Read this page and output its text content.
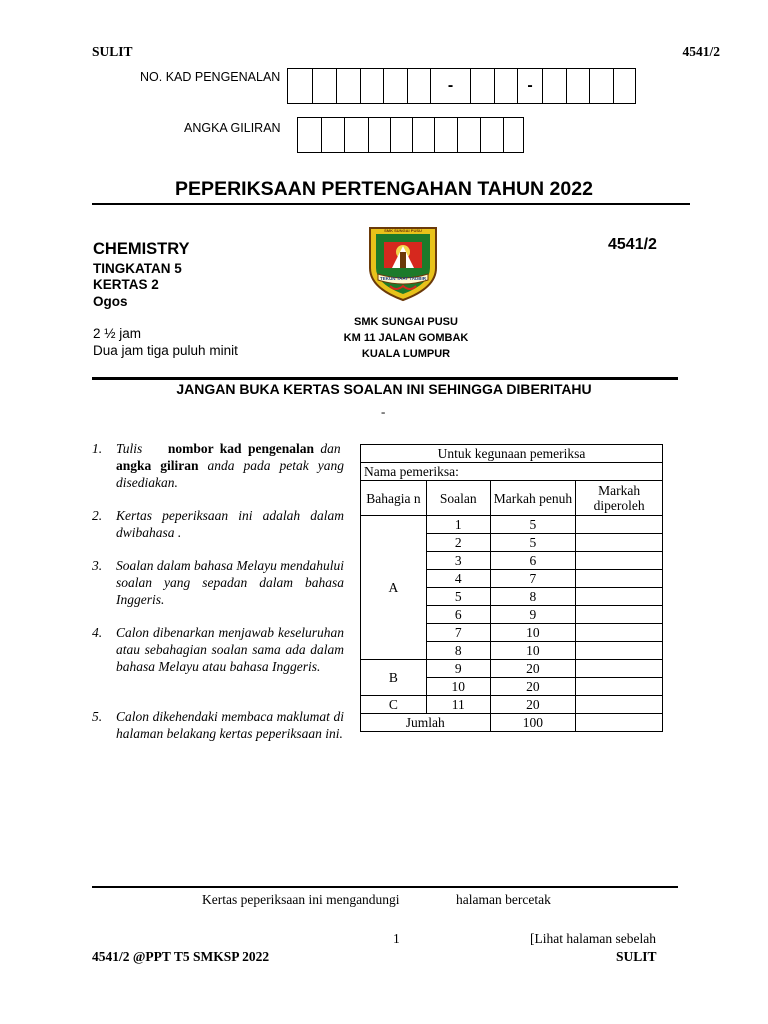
SULIT	4541/2
NO. KAD PENGENALAN	-	-
ANGKA GILIRAN
PEPERIKSAAN PERTENGAHAN TAHUN 2022
CHEMISTRY
TINGKATAN 5
KERTAS 2
Ogos
2 ½ jam
Dua jam tiga puluh minit
4541/2
TEKUN TAAT TADBIR
SMK SUNGAI PUSU
SMK SUNGAI PUSU
KM 11 JALAN GOMBAK
KUALA LUMPUR
JANGAN BUKA KERTAS SOALAN INI SEHINGGA DIBERITAHU
-
1. Tulis nombor kad pengenalan dan  angka giliran anda pada petak yang disediakan.
2. Kertas peperiksaan ini adalah dalam dwibahasa .
3. Soalan dalam bahasa Melayu mendahului soalan yang sepadan dalam bahasa Inggeris.
4. Calon dibenarkan menjawab keseluruhan atau sebahagian soalan sama ada dalam bahasa Melayu atau bahasa Inggeris.
5. Calon dikehendaki membaca maklumat di halaman belakang kertas peperiksaan ini.
Untuk kegunaan pemeriksa			
Nama pemeriksa:			
Bahagia n	Soalan	Markah penuh	Markah diperoleh
A	1	5	
	2	5	
	3	6	
	4	7	
	5	8	
	6	9	
	7	10	
	8	10	
B	9	20	
	10	20	
C	11	20	
Jumlah		100	
Kertas peperiksaan ini mengandungi	halaman bercetak
1	[Lihat halaman sebelah
4541/2 @PPT T5 SMKSP 2022	SULIT
